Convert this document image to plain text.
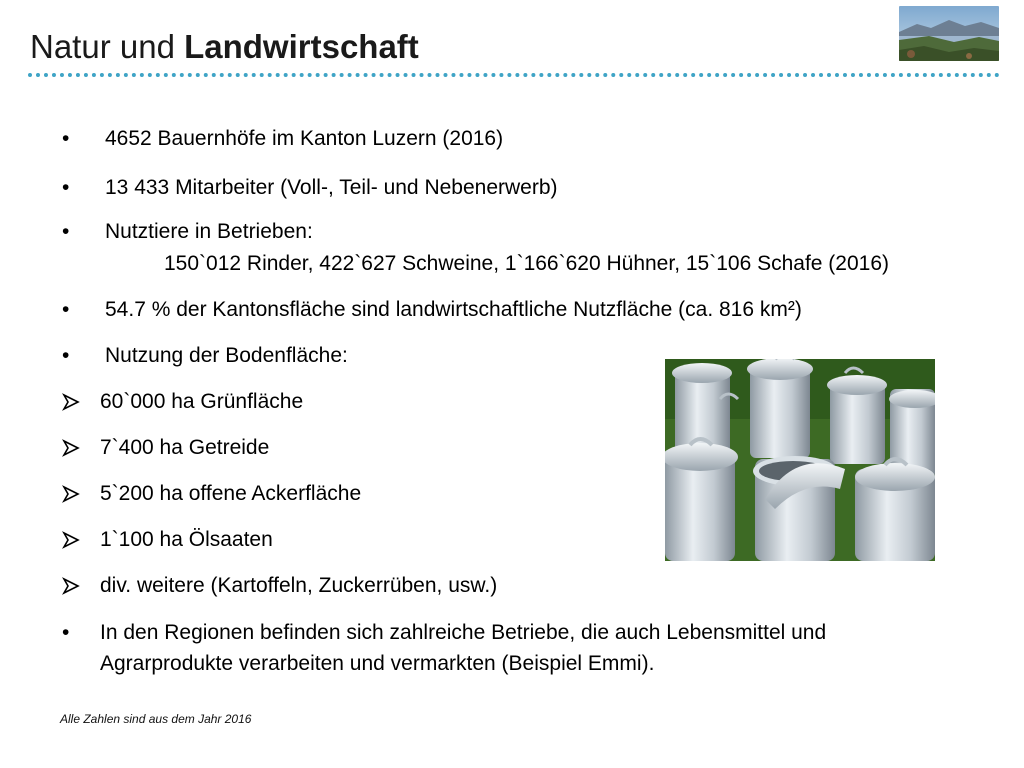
Natur und Landwirtschaft
•	4652 Bauernhöfe im Kanton Luzern (2016)
•	13 433 Mitarbeiter (Voll-, Teil- und Nebenerwerb)
•	Nutztiere in Betrieben:
150`012 Rinder, 422`627 Schweine, 1`166`620 Hühner, 15`106 Schafe (2016)
•	54.7 % der Kantonsfläche sind landwirtschaftliche Nutzfläche (ca. 816 km²)
•	Nutzung der Bodenfläche:
60`000 ha Grünfläche
7`400 ha Getreide
5`200 ha offene Ackerfläche
1`100 ha Ölsaaten
div. weitere (Kartoffeln, Zuckerrüben, usw.)
•	In den Regionen befinden sich zahlreiche Betriebe, die auch Lebensmittel und
Agrarprodukte verarbeiten und vermarkten (Beispiel Emmi).
Alle Zahlen sind aus dem Jahr 2016
